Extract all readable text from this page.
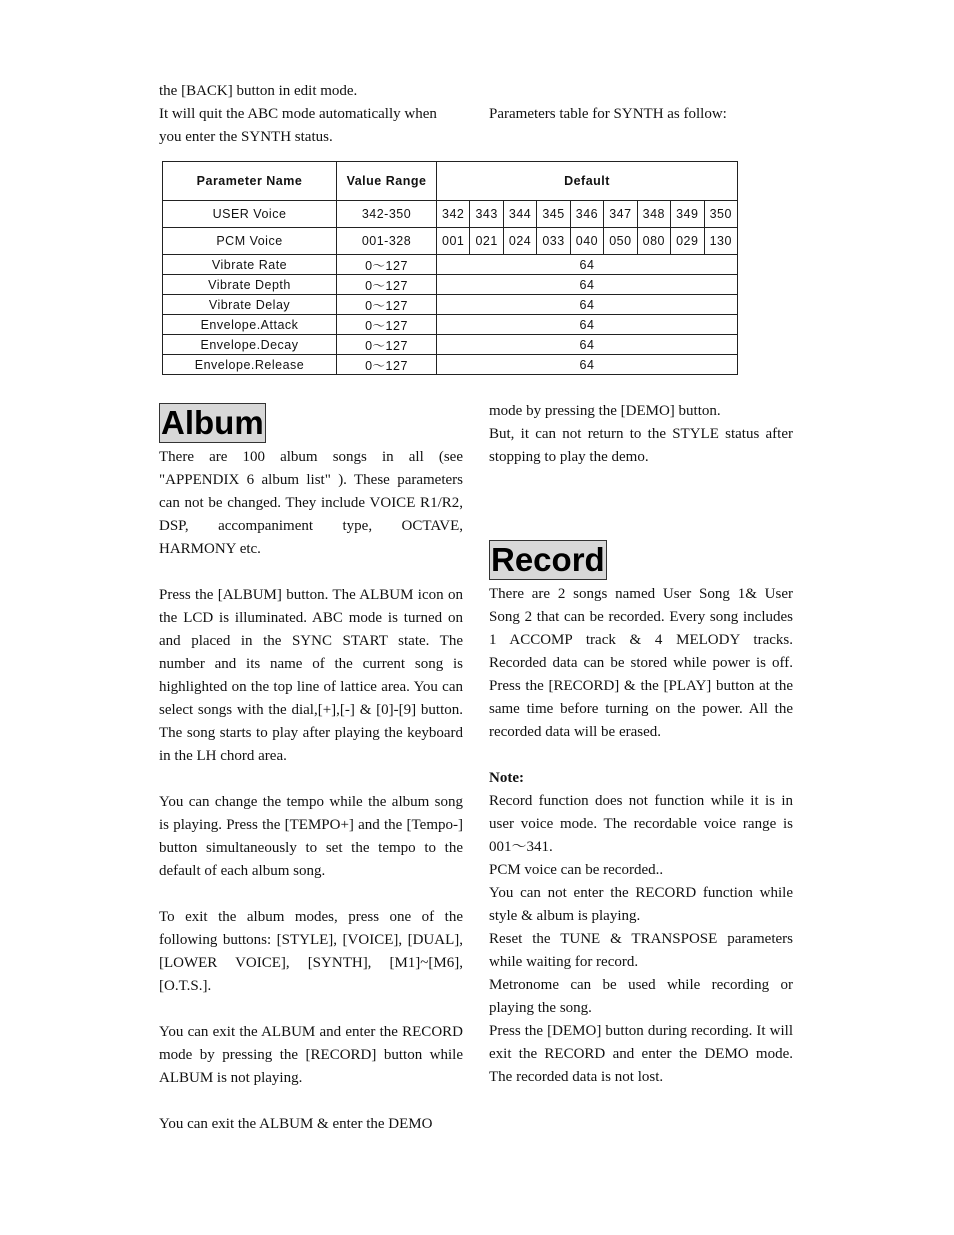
the [BACK] button in edit mode.

It will quit the ABC mode automatically when

you enter the SYNTH status.

Parameters table for SYNTH as follow:
Parameter Name	Value Range	Default								
USER Voice	342-350	342	343	344	345	346	347	348	349	350
PCM Voice	001-328	001	021	024	033	040	050	080	029	130
Vibrate Rate	0～127	64								
Vibrate Depth	0～127	64								
Vibrate Delay	0～127	64								
Envelope.Attack	0～127	64								
Envelope.Decay	0～127	64								
Envelope.Release	0～127	64								
Album

There are 100 album songs in all (see "APPENDIX 6 album list" ). These parameters can not be changed. They include VOICE R1/R2, DSP, accompaniment type, OCTAVE, HARMONY etc.

Press the [ALBUM] button. The ALBUM icon on the LCD is illuminated. ABC mode is turned on and placed in the SYNC START state. The number and its name of the current song is highlighted on the top line of lattice area. You can select songs with the dial,[+],[-] & [0]-[9] button. The song starts to play after playing the keyboard in the LH chord area.

You can change the tempo while the album song is playing. Press the [TEMPO+] and the [Tempo-] button simultaneously to set the tempo to the default of each album song.

To exit the album modes, press one of the following buttons: [STYLE], [VOICE], [DUAL], [LOWER VOICE], [SYNTH], [M1]~[M6], [O.T.S.].

You can exit the ALBUM and enter the RECORD mode by pressing the [RECORD] button while ALBUM is not playing.

You can exit the ALBUM & enter the DEMO

mode by pressing the [DEMO] button.

But, it can not return to the STYLE status after stopping to play the demo.

Record

There are 2 songs named User Song 1& User Song 2 that can be recorded. Every song includes 1 ACCOMP track & 4 MELODY tracks. Recorded data can be stored while power is off. Press the [RECORD] & the [PLAY] button at the same time before turning on the power. All the recorded data will be erased.

Note:

Record function does not function while it is in user voice mode. The recordable voice range is 001～341.

PCM voice can be recorded..

You can not enter the RECORD function while style & album is playing.

Reset the TUNE & TRANSPOSE parameters while waiting for record.

Metronome can be used while recording or playing the song.

Press the [DEMO] button during recording. It will exit the RECORD and enter the DEMO mode. The recorded data is not lost.
